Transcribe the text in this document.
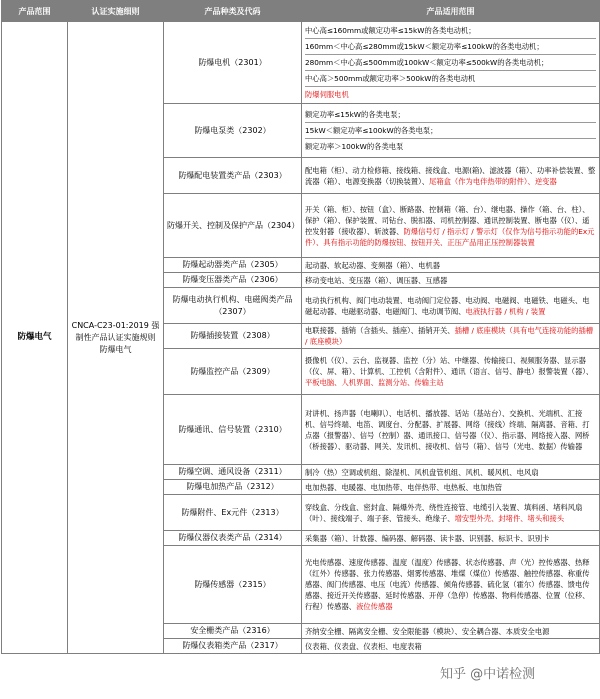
产品范围	认证实施细则	产品种类及代码	产品适用范围
防爆电气	CNCA-C23-01:2019 强制性产品认证实施规则 防爆电气	防爆电机（2301）	中心高≤160mm或额定功率≤15kW的各类电动机；
160mm＜中心高≤280mm或15kW＜额定功率≤100kW的各类电动机；
280mm＜中心高≤500mm或100kW＜额定功率≤500kW的各类电动机；
中心高＞500mm或额定功率＞500kW的各类电动机
防爆伺服电机

		防爆电泵类（2302）	额定功率≤15kW的各类电泵；
15kW＜额定功率≤100kW的各类电泵；
额定功率＞100kW的各类电泵

		防爆配电装置类产品（2303）	配电箱（柜）、动力检修箱、接线箱、接线盒、电源(箱)、滤波器（箱）、功率补偿装置、整流器（箱）、电源变换器（切换装置）、尾箱盒（作为电伴热带的附件）、逆变器
		防爆开关、控制及保护产品（2304）	开关（箱、柜）、按钮（盒）、断路器、控制箱（箱、台）、继电器、操作（箱、台、柱）、保护（箱）、保护装置、司钻台、脱扣器、司机控制器、通讯控制装置、断电器（仪）、遥控发射器（接收器）、斩波器、防爆信号灯 / 指示灯 / 警示灯（仅作为信号指示功能的Ex元件）、具有指示功能的防爆按钮、按钮开关、正压产品用正压控制器装置
		防爆起动器类产品（2305）	起动器、软起动器、变频器（箱）、电机器
		防爆变压器类产品（2306）	移动变电站、变压器（箱）、调压器、互感器
		防爆电动执行机构、电磁阀类产品（2307）	电动执行机构、阀门电动装置、电动阀门定位器、电动阀、电磁阀、电磁铁、电磁头、电磁起动器、电磁驱动器、电磁阀门、电动调节阀、电液执行器 / 机构 / 装置
		防爆插接装置（2308）	电联接器、插销（含插头、插座）、插销开关、插槽 / 底座模块（具有电气连接功能的插槽 / 底座模块）
		防爆监控产品（2309）	摄像机（仪）、云台、监视器、监控（分）站、中继器、传输接口、视频服务器、显示器（仪、屏、箱）、计算机、工控机（含附件）、通讯（语言、信号、静电）报警装置（器）、平板电脑、人机界面、监测分站、传输主站
		防爆通讯、信号装置（2310）	对讲机、扬声器（电喇叭）、电话机、播放器、话站（基站台）、交换机、光端机、汇接机、信号终端、电笛、调度台、分配器、扩展器、网络（接线）终端、隔离器、音箱、打点器（报警器）、信号（控制）器、通讯接口、信号器（仪）、指示器、网络接入器、网桥（桥接器）、驱动器、网关、发讯机、接收机、信号（箱）、信号（光电、数据）传输器
		防爆空调、通风设备（2311）	制冷（热）空调或机组、除湿机、风机盘管机组、风机、暖风机、电风扇
		防爆电加热产品（2312）	电加热器、电暖器、电加热带、电伴热带、电热板、电加热管
		防爆附件、Ex元件（2313）	穿线盒、分线盒、密封盒、隔爆外壳、绕性连接管、电缆引入装置、填料函、堵料风扇（叶）、接线端子、端子套、管接头、绝缘子、增安型外壳、封堵件、堵头和接头
		防爆仪器仪表类产品（2314）	采集器（箱）、计数器、编码器、解码器、读卡器、识别器、标识卡、识别卡
		防爆传感器（2315）	光电传感器、速度传感器、温度（温度）传感器、状态传感器、声（光）控传感器、热释（红外）传感器、张力传感器、烟雾传感器、堆煤（煤位）传感器、触控传感器、称重传感器、阀门传感器、电压（电流）传感器、倾角传感器、硫化氢（霍尔）传感器、馈电传感器、接近开关传感器、延时传感器、开停（急停）传感器、物料传感器、位置（位移、行程）传感器、液位传感器
		安全栅类产品（2316）	齐纳安全栅、隔离安全栅、安全限能器（模块）、安全耦合器、本质安全电源
		防爆仪表箱类产品（2317）	仪表箱、仪表盘、仪表柜、电度表箱
知乎 @中诺检测
